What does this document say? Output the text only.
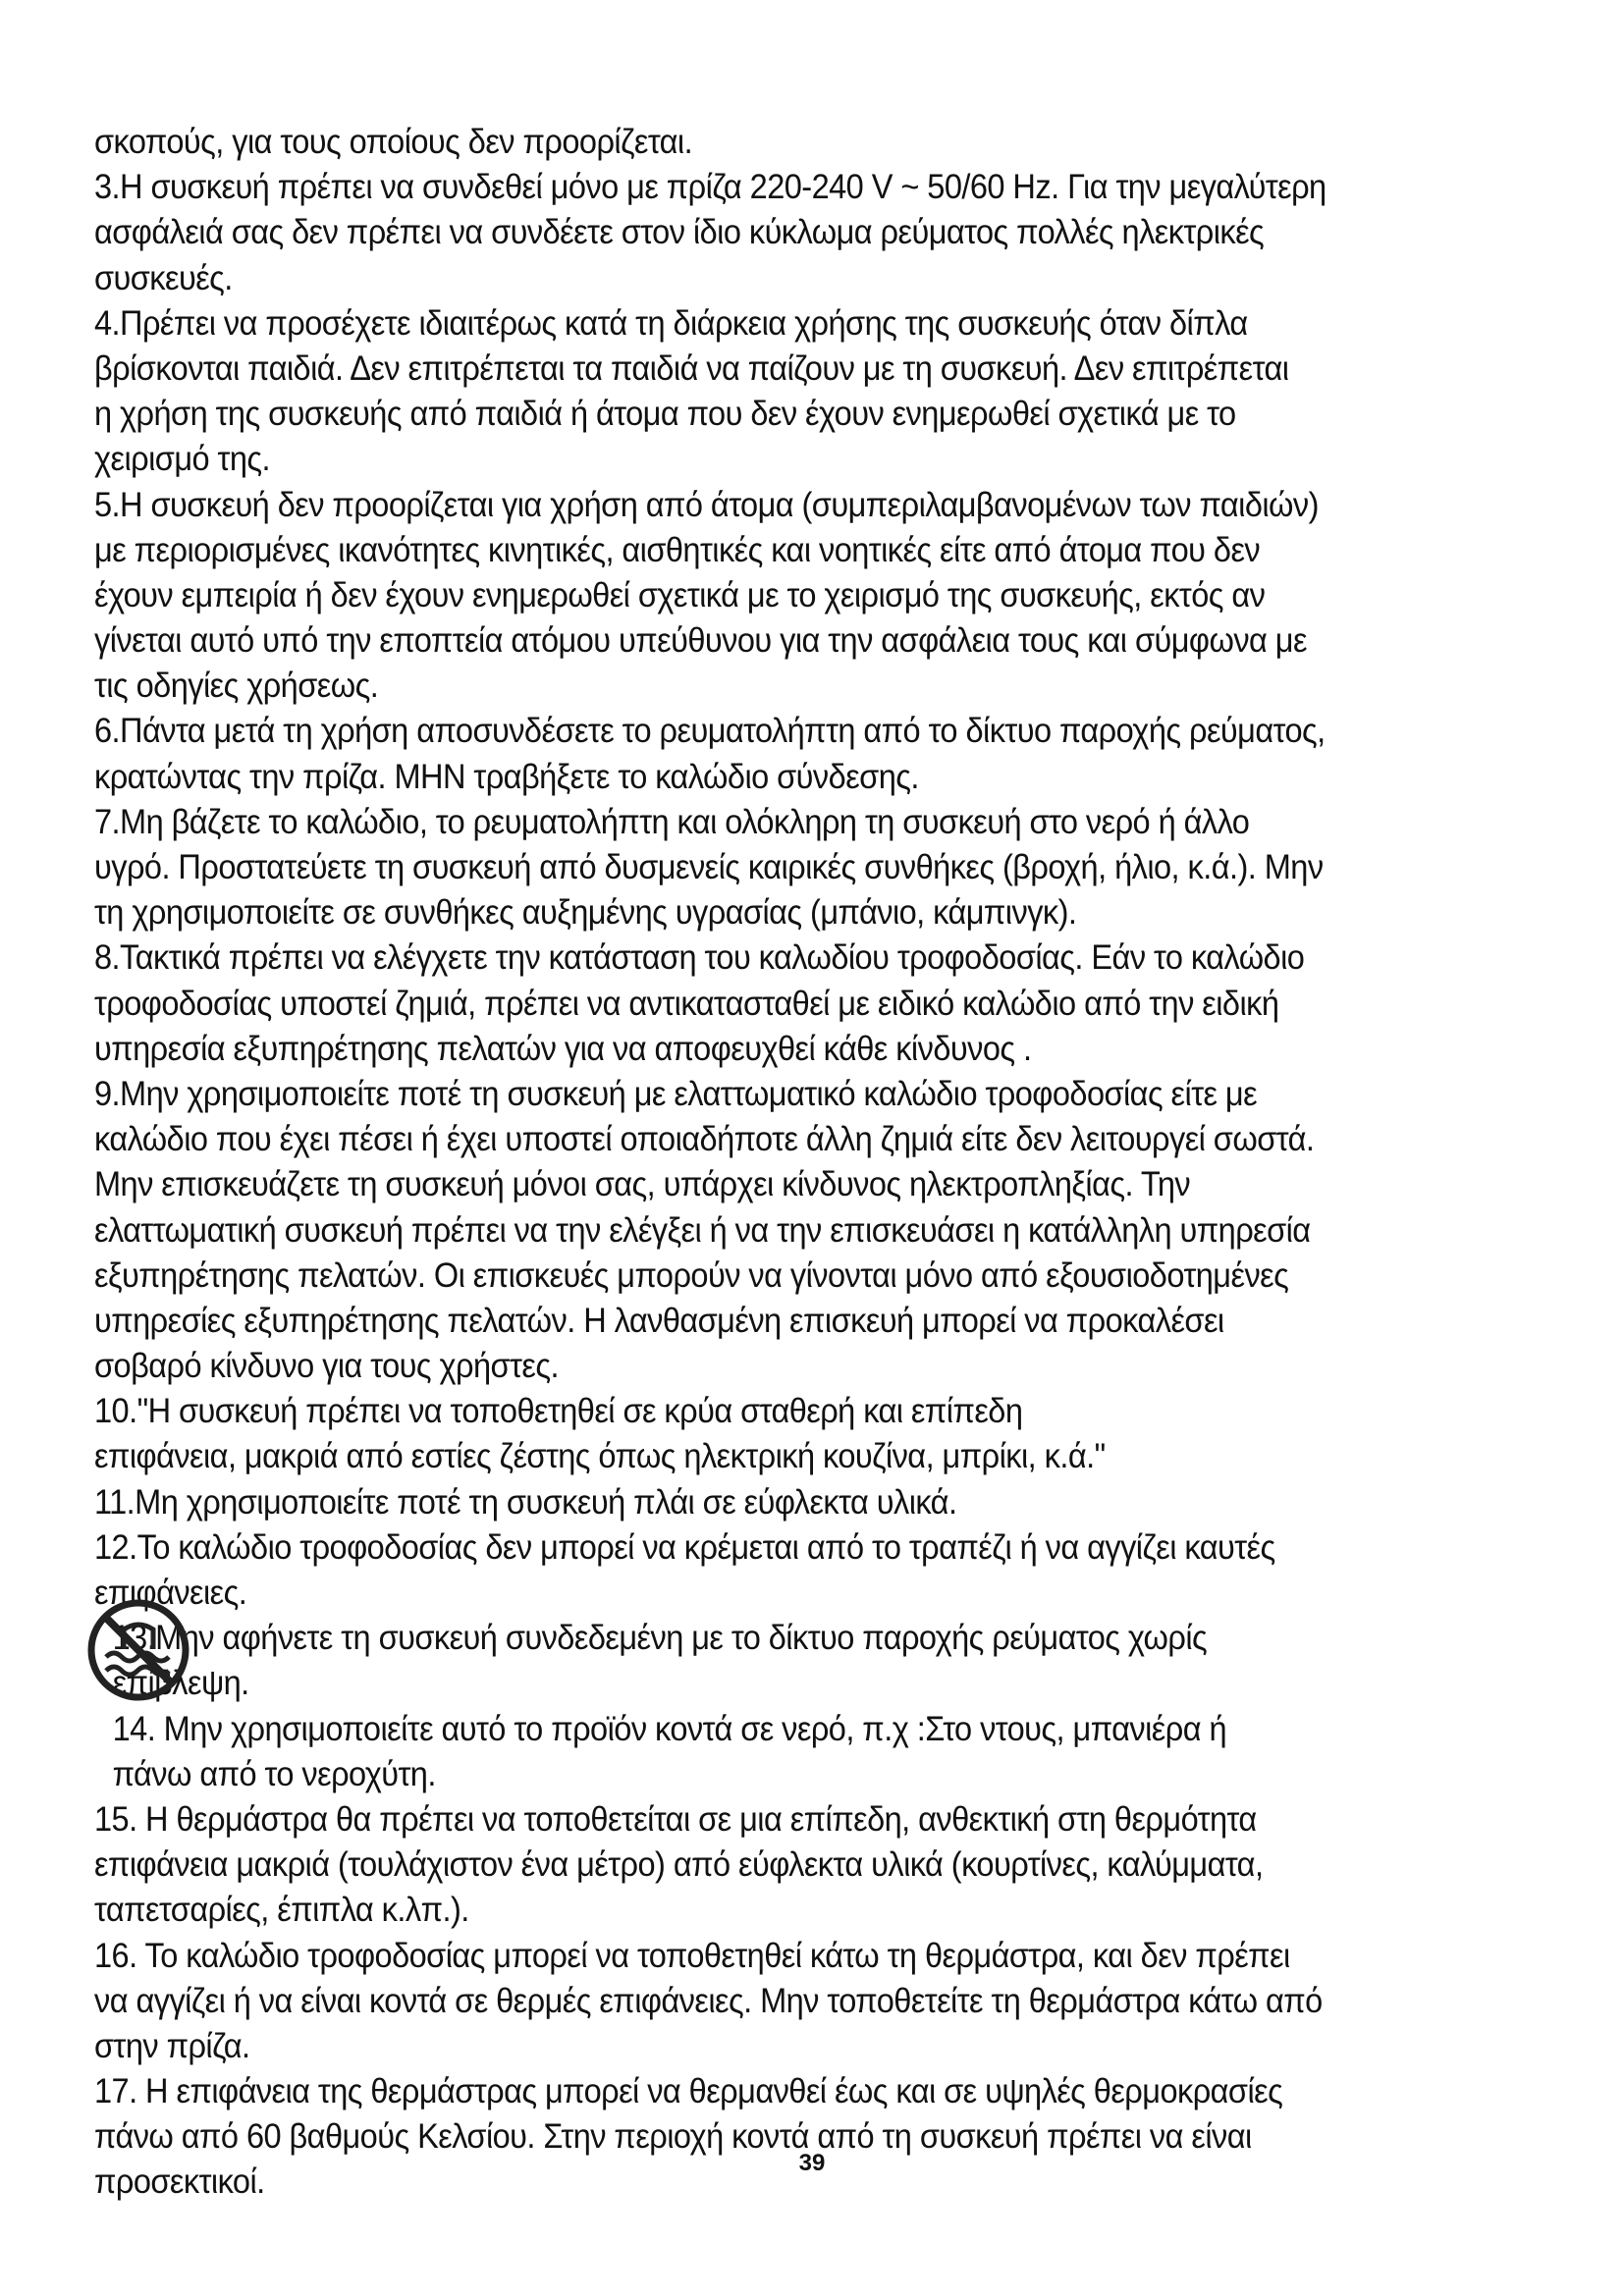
σκοπούς, για τους οποίους δεν προορίζεται.
3.Η συσκευή πρέπει να συνδεθεί μόνο με πρίζα 220-240 V ~ 50/60 Hz. Για την μεγαλύτερη
ασφάλειά σας δεν πρέπει να συνδέετε στον ίδιο κύκλωμα ρεύματος πολλές ηλεκτρικές
συσκευές.
4.Πρέπει να προσέχετε ιδιαιτέρως κατά τη διάρκεια χρήσης της συσκευής όταν δίπλα
βρίσκονται παιδιά. Δεν επιτρέπεται τα παιδιά να παίζουν με τη συσκευή. Δεν επιτρέπεται
η χρήση της συσκευής από παιδιά ή άτομα που δεν έχουν ενημερωθεί σχετικά με το
χειρισμό της.
5.Η συσκευή δεν προορίζεται για χρήση από άτομα (συμπεριλαμβανομένων των παιδιών)
με περιορισμένες ικανότητες κινητικές, αισθητικές και νοητικές είτε από άτομα που δεν
έχουν εμπειρία ή δεν έχουν ενημερωθεί σχετικά με το χειρισμό της συσκευής, εκτός αν
γίνεται αυτό υπό την εποπτεία ατόμου υπεύθυνου για την ασφάλεια τους και σύμφωνα με
τις οδηγίες χρήσεως.
6.Πάντα μετά τη χρήση αποσυνδέσετε το ρευματολήπτη από το δίκτυο παροχής ρεύματος,
κρατώντας την πρίζα. ΜΗΝ τραβήξετε το καλώδιο σύνδεσης.
7.Μη βάζετε το καλώδιο, το ρευματολήπτη και ολόκληρη τη συσκευή στο νερό ή άλλο
υγρό. Προστατεύετε τη συσκευή από δυσμενείς καιρικές συνθήκες (βροχή, ήλιο, κ.ά.). Μην
τη χρησιμοποιείτε σε συνθήκες αυξημένης υγρασίας (μπάνιο, κάμπινγκ).
8.Τακτικά πρέπει να ελέγχετε την κατάσταση του καλωδίου τροφοδοσίας. Εάν το καλώδιο
τροφοδοσίας υποστεί ζημιά, πρέπει να αντικατασταθεί με ειδικό καλώδιο από την ειδική
υπηρεσία εξυπηρέτησης πελατών για να αποφευχθεί κάθε κίνδυνος .
9.Μην χρησιμοποιείτε ποτέ τη συσκευή με ελαττωματικό καλώδιο τροφοδοσίας είτε με
καλώδιο που έχει πέσει ή έχει υποστεί οποιαδήποτε άλλη ζημιά είτε δεν λειτουργεί σωστά.
Μην επισκευάζετε τη συσκευή μόνοι σας, υπάρχει κίνδυνος ηλεκτροπληξίας. Την
ελαττωματική συσκευή πρέπει να την ελέγξει ή να την επισκευάσει η κατάλληλη υπηρεσία
εξυπηρέτησης πελατών. Οι επισκευές μπορούν να γίνονται μόνο από εξουσιοδοτημένες
υπηρεσίες εξυπηρέτησης πελατών. Η λανθασμένη επισκευή μπορεί να προκαλέσει
σοβαρό κίνδυνο για τους χρήστες.
10."Η συσκευή πρέπει να τοποθετηθεί σε κρύα σταθερή και επίπεδη
επιφάνεια, μακριά από εστίες ζέστης όπως ηλεκτρική κουζίνα, μπρίκι, κ.ά."
11.Μη χρησιμοποιείτε ποτέ τη συσκευή πλάι σε εύφλεκτα υλικά.
12.Το καλώδιο τροφοδοσίας δεν μπορεί να κρέμεται από το τραπέζι ή να αγγίζει καυτές
επιφάνειες.
13.Μην αφήνετε τη συσκευή συνδεδεμένη με το δίκτυο παροχής ρεύματος χωρίς
επίβλεψη.
14. Μην χρησιμοποιείτε αυτό το προϊόν κοντά σε νερό, π.χ :Στο ντους, μπανιέρα ή
πάνω από το νεροχύτη.
15. Η θερμάστρα θα πρέπει να τοποθετείται σε μια επίπεδη, ανθεκτική στη θερμότητα
επιφάνεια μακριά (τουλάχιστον ένα μέτρο) από εύφλεκτα υλικά (κουρτίνες, καλύμματα,
ταπετσαρίες, έπιπλα κ.λπ.).
16. Το καλώδιο τροφοδοσίας μπορεί να τοποθετηθεί κάτω τη θερμάστρα, και δεν πρέπει
να αγγίζει ή να είναι κοντά σε θερμές επιφάνειες. Μην τοποθετείτε τη θερμάστρα κάτω από
στην πρίζα.
17. Η επιφάνεια της θερμάστρας μπορεί να θερμανθεί έως και σε υψηλές θερμοκρασίες
πάνω από 60 βαθμούς Κελσίου. Στην περιοχή κοντά από τη συσκευή πρέπει να είναι
προσεκτικοί.	39
